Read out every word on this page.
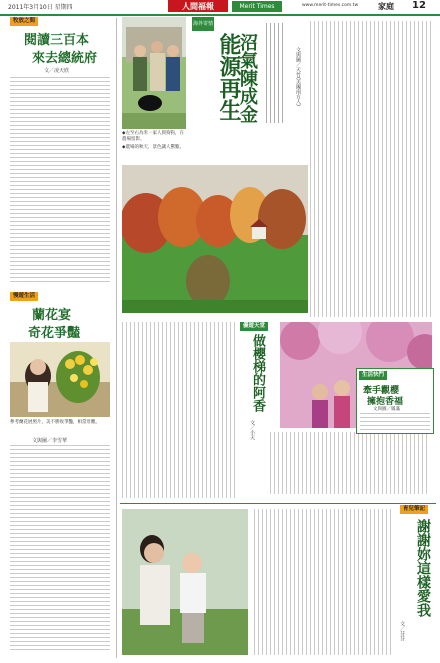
2011年3月10日 星期四	人間福報	Merit Times	www.merit-times.com.tw 家庭 12
牧放之間
閱讀三百本
來去總統府
文／凌天欣
慢遊生活
蘭花宴
奇花爭豔
參考蘭花展照片，美不勝收爭豔，相當壯觀。
文與圖／李雪華
◆左至右為米一家人與狗狗，在農場留影。
◆農場的秋天，景色讓人驚歎。
海外寄情
能源再生
沼氣陳成金	文與圖／天竹(美國南方人)
優遊天堂
做櫻梯的阿香
文／小天
生活快門
牽手觀櫻
擁抱香福
文與圖／鳳滿
育兒筆記
謝謝妳這樣愛我
文／芬芬
